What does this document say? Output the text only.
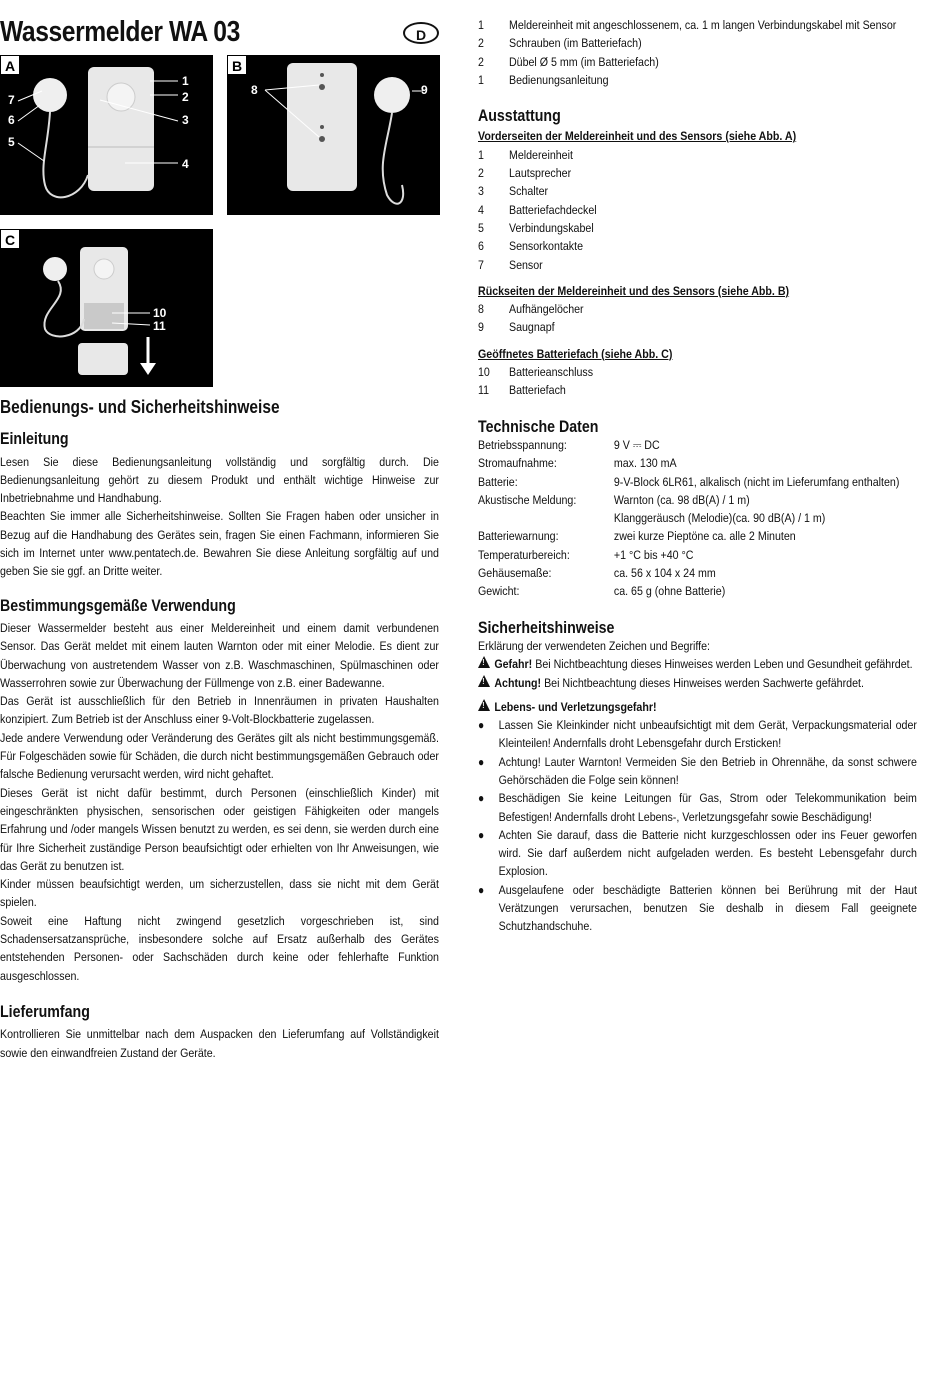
Wassermelder WA 03	D
A
1
2
3
4
5
6
7
B
8	9
C
10
11
Bedienungs- und Sicherheitshinweise
Einleitung

Lesen Sie diese Bedienungsanleitung vollständig und sorgfältig durch. Die Bedienungsanleitung gehört zu diesem Produkt und enthält wichtige Hinweise zur Inbetriebnahme und Handhabung.

Beachten Sie immer alle Sicherheitshinweise. Sollten Sie Fragen haben oder unsicher in Bezug auf die Handhabung des Gerätes sein, fragen Sie einen Fachmann, informieren Sie sich im Internet unter www.pentatech.de. Bewahren Sie diese Anleitung sorgfältig auf und geben Sie sie ggf. an Dritte weiter.

Bestimmungsgemäße Verwendung

Dieser Wassermelder besteht aus einer Meldereinheit und einem damit verbundenen Sensor. Das Gerät meldet mit einem lauten Warnton oder mit einer Melodie. Es dient zur Überwachung von austretendem Wasser von z.B. Waschmaschinen, Spülmaschinen oder Wasserrohren sowie zur Überwachung der Füllmenge von z.B. einer Badewanne.

Das Gerät ist ausschließlich für den Betrieb in Innenräumen in privaten Haushalten konzipiert. Zum Betrieb ist der Anschluss einer 9-Volt-Blockbatterie zugelassen.

Jede andere Verwendung oder Veränderung des Gerätes gilt als nicht bestimmungsgemäß. Für Folgeschäden sowie für Schäden, die durch nicht bestimmungsgemäßen Gebrauch oder falsche Bedienung verursacht werden, wird nicht gehaftet.

Dieses Gerät ist nicht dafür bestimmt, durch Personen (einschließlich Kinder) mit eingeschränkten physischen, sensorischen oder geistigen Fähigkeiten oder mangels Erfahrung und /oder mangels Wissen benutzt zu werden, es sei denn, sie werden durch eine für Ihre Sicherheit zuständige Person beaufsichtigt oder erhielten von Ihr Anweisungen, wie das Gerät zu benutzen ist.

Kinder müssen beaufsichtigt werden, um sicherzustellen, dass sie nicht mit dem Gerät spielen.

Soweit eine Haftung nicht zwingend gesetzlich vorgeschrieben ist, sind Schadensersatzansprüche, insbesondere solche auf Ersatz außerhalb des Gerätes entstehenden Personen- oder Sachschäden durch keine oder fehlerhafte Funktion ausgeschlossen.

Lieferumfang

Kontrollieren Sie unmittelbar nach dem Auspacken den Lieferumfang auf Vollständigkeit sowie den einwandfreien Zustand der Geräte.

1	Meldereinheit mit angeschlossenem, ca. 1 m langen Verbindungskabel mit Sensor
2	Schrauben (im Batteriefach)
2	Dübel Ø 5 mm (im Batteriefach)
1	Bedienungsanleitung
Ausstattung
Vorderseiten der Meldereinheit und des Sensors (siehe Abb. A)
1	Meldereinheit
2	Lautsprecher
3	Schalter
4	Batteriefachdeckel
5	Verbindungskabel
6	Sensorkontakte
7	Sensor
Rückseiten der Meldereinheit und des Sensors (siehe Abb. B)
8	Aufhängelöcher
9	Saugnapf
Geöffnetes Batteriefach (siehe Abb. C)
10	Batterieanschluss
11	Batteriefach
Technische Daten
Betriebsspannung:	9 V ⎓ DC
Stromaufnahme:	max. 130 mA
Batterie:	9-V-Block 6LR61, alkalisch (nicht im Lieferumfang enthalten)
Akustische Meldung:	Warnton (ca. 98 dB(A) / 1 m)
Klanggeräusch (Melodie)(ca. 90 dB(A) / 1 m)
Batteriewarnung:	zwei kurze Pieptöne ca. alle 2 Minuten
Temperaturbereich:	+1 °C bis +40 °C
Gehäusemaße:	ca. 56 x 104 x 24 mm
Gewicht:	ca. 65 g (ohne Batterie)
Sicherheitshinweise
Erklärung der verwendeten Zeichen und Begriffe:
!
Gefahr! Bei Nichtbeachtung dieses Hinweises werden Leben und Gesundheit gefährdet.
!
Achtung! Bei Nichtbeachtung dieses Hinweises werden Sachwerte gefährdet.
!
Lebens- und Verletzungsgefahr!
●	Lassen Sie Kleinkinder nicht unbeaufsichtigt mit dem Gerät, Verpackungsmaterial oder Kleinteilen! Andernfalls droht Lebensgefahr durch Ersticken!
●	Achtung! Lauter Warnton! Vermeiden Sie den Betrieb in Ohrennähe, da sonst schwere Gehörschäden die Folge sein können!
●	Beschädigen Sie keine Leitungen für Gas, Strom oder Telekommunikation beim Befestigen! Andernfalls droht Lebens-, Verletzungsgefahr sowie Beschädigung!
●	Achten Sie darauf, dass die Batterie nicht kurzgeschlossen oder ins Feuer geworfen wird. Sie darf außerdem nicht aufgeladen werden. Es besteht Lebensgefahr durch Explosion.
●	Ausgelaufene oder beschädigte Batterien können bei Berührung mit der Haut Verätzungen verursachen, benutzen Sie deshalb in diesem Fall geeignete Schutzhandschuhe.
